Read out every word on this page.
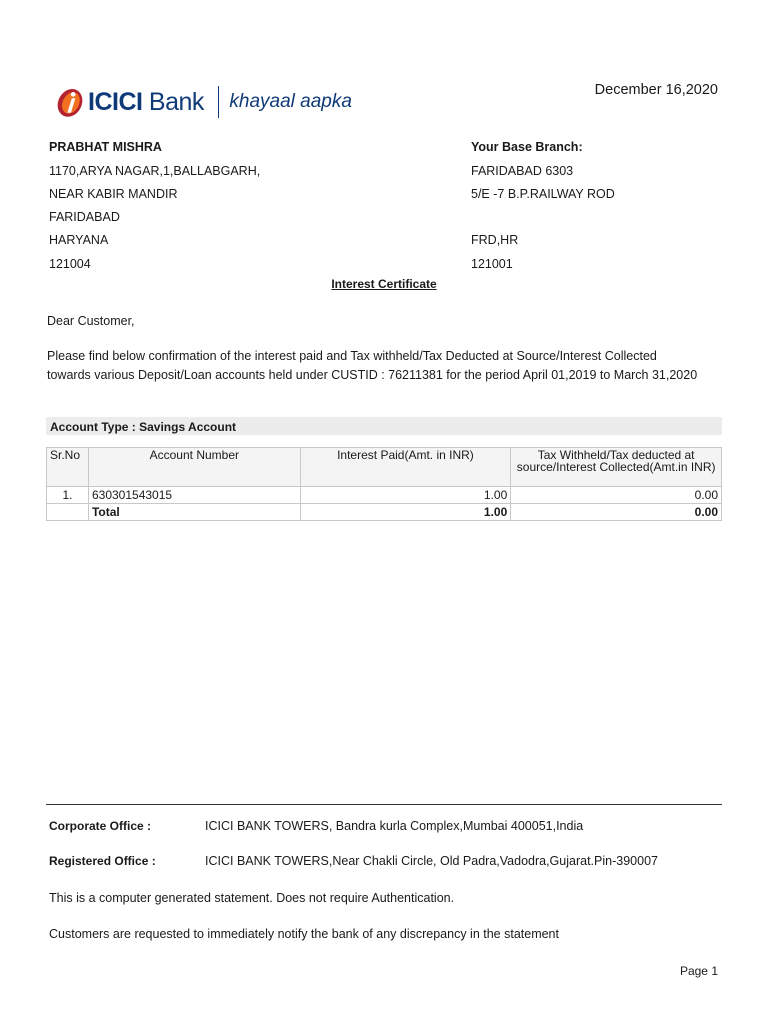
ICICI Bank khayaal aapka
December 16,2020
PRABHAT MISHRA
1170,ARYA NAGAR,1,BALLABGARH,
NEAR KABIR MANDIR
FARIDABAD
HARYANA
121004
Your Base Branch:
FARIDABAD 6303
5/E -7 B.P.RAILWAY ROD
FRD,HR
121001
Interest Certificate
Dear Customer,
Please find below confirmation of the interest paid and Tax withheld/Tax Deducted at Source/Interest Collected
towards various Deposit/Loan accounts held under CUSTID : 76211381 for the period April 01,2019 to March 31,2020
Account Type : Savings Account
Sr.No	Account Number	Interest Paid(Amt. in INR)	Tax Withheld/Tax deducted at source/Interest Collected(Amt.in INR)
1.	630301543015	1.00	0.00
	Total	1.00	0.00
Corporate Office :	ICICI BANK TOWERS, Bandra kurla Complex,Mumbai 400051,India
Registered Office :	ICICI BANK TOWERS,Near Chakli Circle, Old Padra,Vadodra,Gujarat.Pin-390007
This is a computer generated statement. Does not require Authentication.
Customers are requested to immediately notify the bank of any discrepancy in the statement
Page 1
